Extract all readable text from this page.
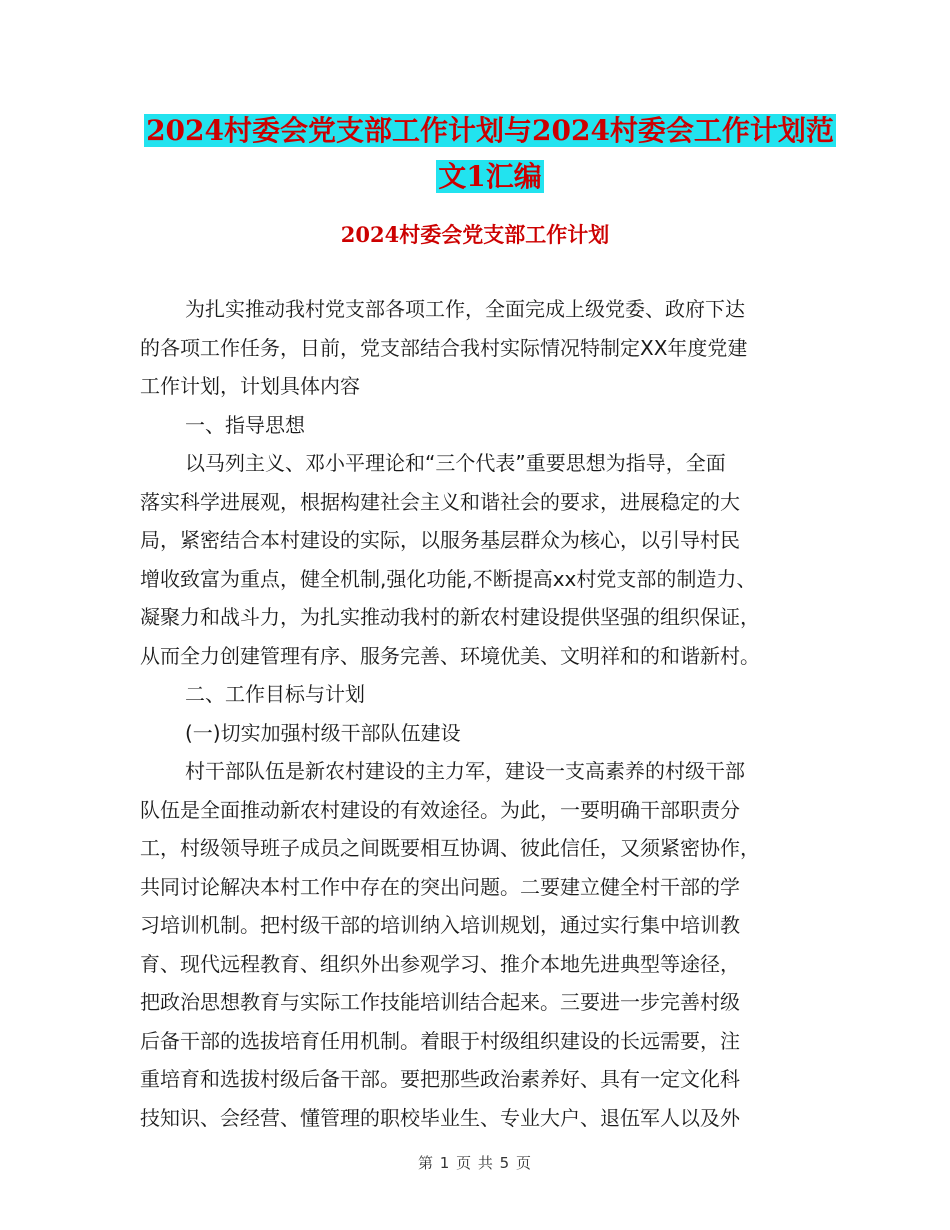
2024村委会党支部工作计划与2024村委会工作计划范
文1汇编
2024村委会党支部工作计划
为扎实推动我村党支部各项工作，全面完成上级党委、政府下达
的各项工作任务，日前，党支部结合我村实际情况特制定XX年度党建
工作计划，计划具体内容
一、指导思想
以马列主义、邓小平理论和“三个代表”重要思想为指导，全面
落实科学进展观，根据构建社会主义和谐社会的要求，进展稳定的大
局，紧密结合本村建设的实际，以服务基层群众为核心，以引导村民
增收致富为重点，健全机制,强化功能,不断提高xx村党支部的制造力、
凝聚力和战斗力，为扎实推动我村的新农村建设提供坚强的组织保证，
从而全力创建管理有序、服务完善、环境优美、文明祥和的和谐新村。
二、工作目标与计划
(一)切实加强村级干部队伍建设
村干部队伍是新农村建设的主力军，建设一支高素养的村级干部
队伍是全面推动新农村建设的有效途径。为此，一要明确干部职责分
工，村级领导班子成员之间既要相互协调、彼此信任，又须紧密协作，
共同讨论解决本村工作中存在的突出问题。二要建立健全村干部的学
习培训机制。把村级干部的培训纳入培训规划，通过实行集中培训教
育、现代远程教育、组织外出参观学习、推介本地先进典型等途径，
把政治思想教育与实际工作技能培训结合起来。三要进一步完善村级
后备干部的选拔培育任用机制。着眼于村级组织建设的长远需要，注
重培育和选拔村级后备干部。要把那些政治素养好、具有一定文化科
技知识、会经营、懂管理的职校毕业生、专业大户、退伍军人以及外
第 1 页 共 5 页
